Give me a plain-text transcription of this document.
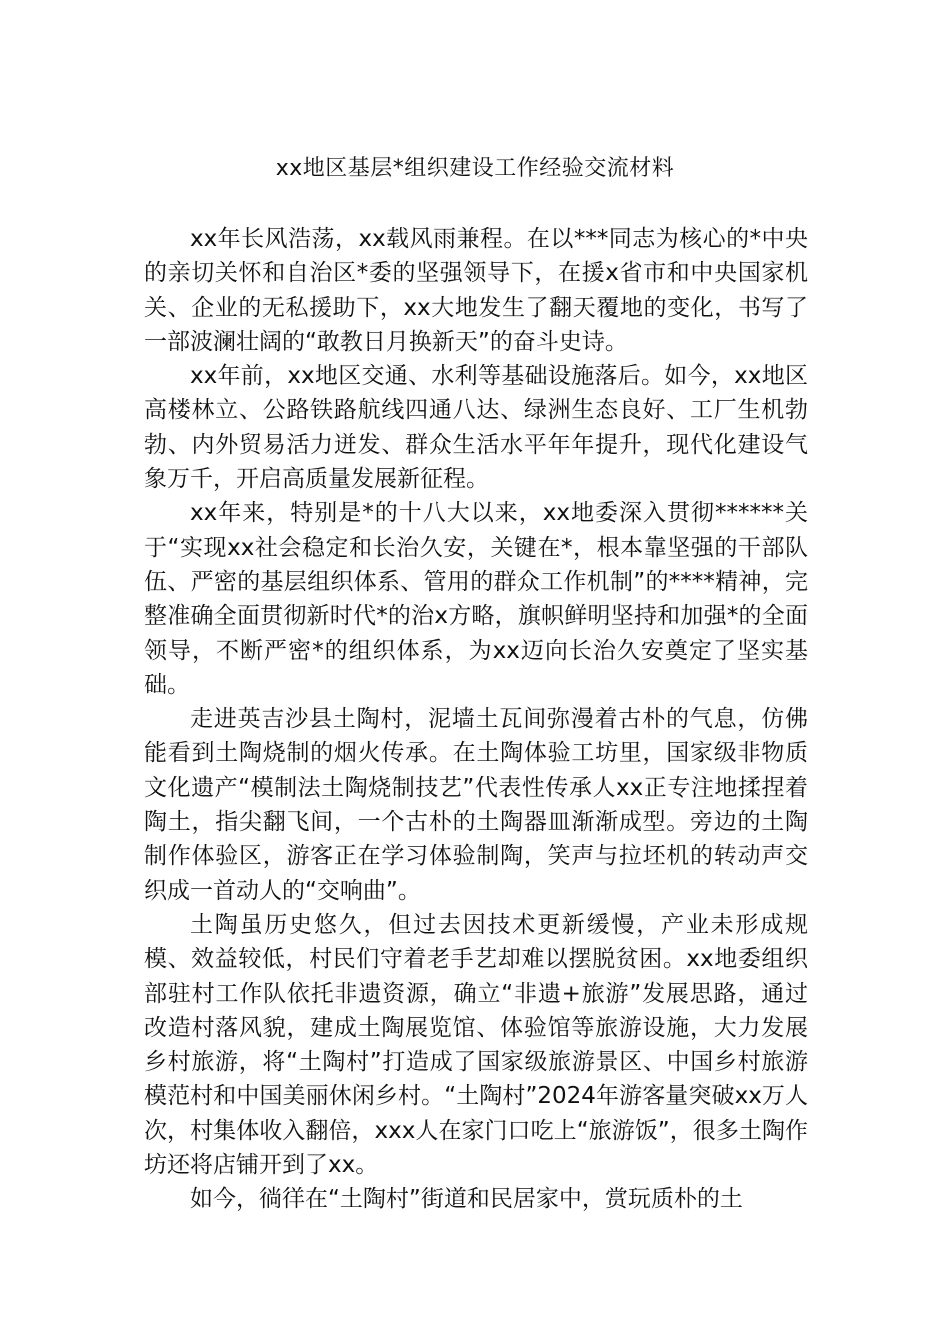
xx地区基层*组织建设工作经验交流材料

xx年长风浩荡，xx载风雨兼程。在以***同志为核心的*中央的亲切关怀和自治区*委的坚强领导下，在援x省市和中央国家机关、企业的无私援助下，xx大地发生了翻天覆地的变化，书写了一部波澜壮阔的“敢教日月换新天”的奋斗史诗。

xx年前，xx地区交通、水利等基础设施落后。如今，xx地区高楼林立、公路铁路航线四通八达、绿洲生态良好、工厂生机勃勃、内外贸易活力迸发、群众生活水平年年提升，现代化建设气象万千，开启高质量发展新征程。

xx年来，特别是*的十八大以来，xx地委深入贯彻******关于“实现xx社会稳定和长治久安，关键在*，根本靠坚强的干部队伍、严密的基层组织体系、管用的群众工作机制”的****精神，完整准确全面贯彻新时代*的治x方略，旗帜鲜明坚持和加强*的全面领导，不断严密*的组织体系，为xx迈向长治久安奠定了坚实基础。

走进英吉沙县土陶村，泥墙土瓦间弥漫着古朴的气息，仿佛能看到土陶烧制的烟火传承。在土陶体验工坊里，国家级非物质文化遗产“模制法土陶烧制技艺”代表性传承人xx正专注地揉捏着陶土，指尖翻飞间，一个古朴的土陶器皿渐渐成型。旁边的土陶制作体验区，游客正在学习体验制陶，笑声与拉坯机的转动声交织成一首动人的“交响曲”。

土陶虽历史悠久，但过去因技术更新缓慢，产业未形成规模、效益较低，村民们守着老手艺却难以摆脱贫困。xx地委组织部驻村工作队依托非遗资源，确立“非遗+旅游”发展思路，通过改造村落风貌，建成土陶展览馆、体验馆等旅游设施，大力发展乡村旅游，将“土陶村”打造成了国家级旅游景区、中国乡村旅游模范村和中国美丽休闲乡村。“土陶村”2024年游客量突破xx万人次，村集体收入翻倍，xxx人在家门口吃上“旅游饭”，很多土陶作坊还将店铺开到了xx。

如今，徜徉在“土陶村”街道和民居家中，赏玩质朴的土
